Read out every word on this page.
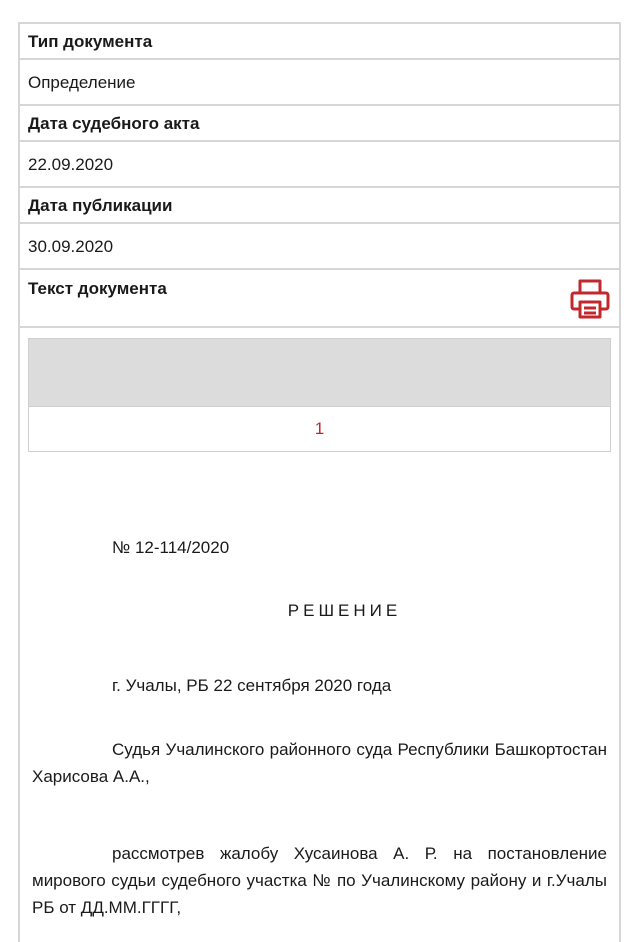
Тип документа
Определение
Дата судебного акта
22.09.2020
Дата публикации
30.09.2020
Текст документа
1
№ 12-114/2020
РЕШЕНИЕ
г. Учалы, РБ 22 сентября 2020 года
Судья Учалинского районного суда Республики Башкортостан Харисова А.А.,
рассмотрев жалобу Хусаинова А. Р. на постановление мирового судьи судебного участка № по Учалинскому району и г.Учалы РБ от ДД.ММ.ГГГГ,
